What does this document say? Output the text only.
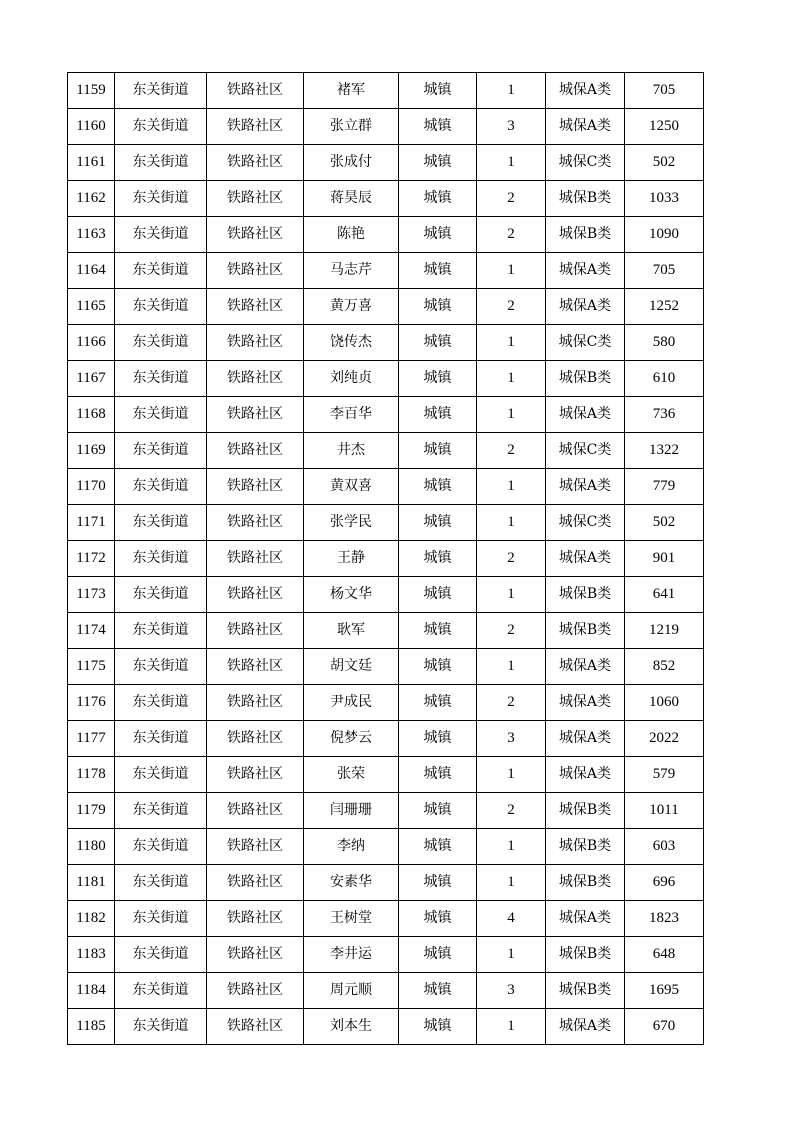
1159	东关街道	铁路社区	褚军	城镇	1	城保A类	705
1160	东关街道	铁路社区	张立群	城镇	3	城保A类	1250
1161	东关街道	铁路社区	张成付	城镇	1	城保C类	502
1162	东关街道	铁路社区	蒋昊辰	城镇	2	城保B类	1033
1163	东关街道	铁路社区	陈艳	城镇	2	城保B类	1090
1164	东关街道	铁路社区	马志芹	城镇	1	城保A类	705
1165	东关街道	铁路社区	黄万喜	城镇	2	城保A类	1252
1166	东关街道	铁路社区	饶传杰	城镇	1	城保C类	580
1167	东关街道	铁路社区	刘纯贞	城镇	1	城保B类	610
1168	东关街道	铁路社区	李百华	城镇	1	城保A类	736
1169	东关街道	铁路社区	井杰	城镇	2	城保C类	1322
1170	东关街道	铁路社区	黄双喜	城镇	1	城保A类	779
1171	东关街道	铁路社区	张学民	城镇	1	城保C类	502
1172	东关街道	铁路社区	王静	城镇	2	城保A类	901
1173	东关街道	铁路社区	杨文华	城镇	1	城保B类	641
1174	东关街道	铁路社区	耿军	城镇	2	城保B类	1219
1175	东关街道	铁路社区	胡文廷	城镇	1	城保A类	852
1176	东关街道	铁路社区	尹成民	城镇	2	城保A类	1060
1177	东关街道	铁路社区	倪梦云	城镇	3	城保A类	2022
1178	东关街道	铁路社区	张荣	城镇	1	城保A类	579
1179	东关街道	铁路社区	闫珊珊	城镇	2	城保B类	1011
1180	东关街道	铁路社区	李纳	城镇	1	城保B类	603
1181	东关街道	铁路社区	安素华	城镇	1	城保B类	696
1182	东关街道	铁路社区	王树堂	城镇	4	城保A类	1823
1183	东关街道	铁路社区	李井运	城镇	1	城保B类	648
1184	东关街道	铁路社区	周元顺	城镇	3	城保B类	1695
1185	东关街道	铁路社区	刘本生	城镇	1	城保A类	670
